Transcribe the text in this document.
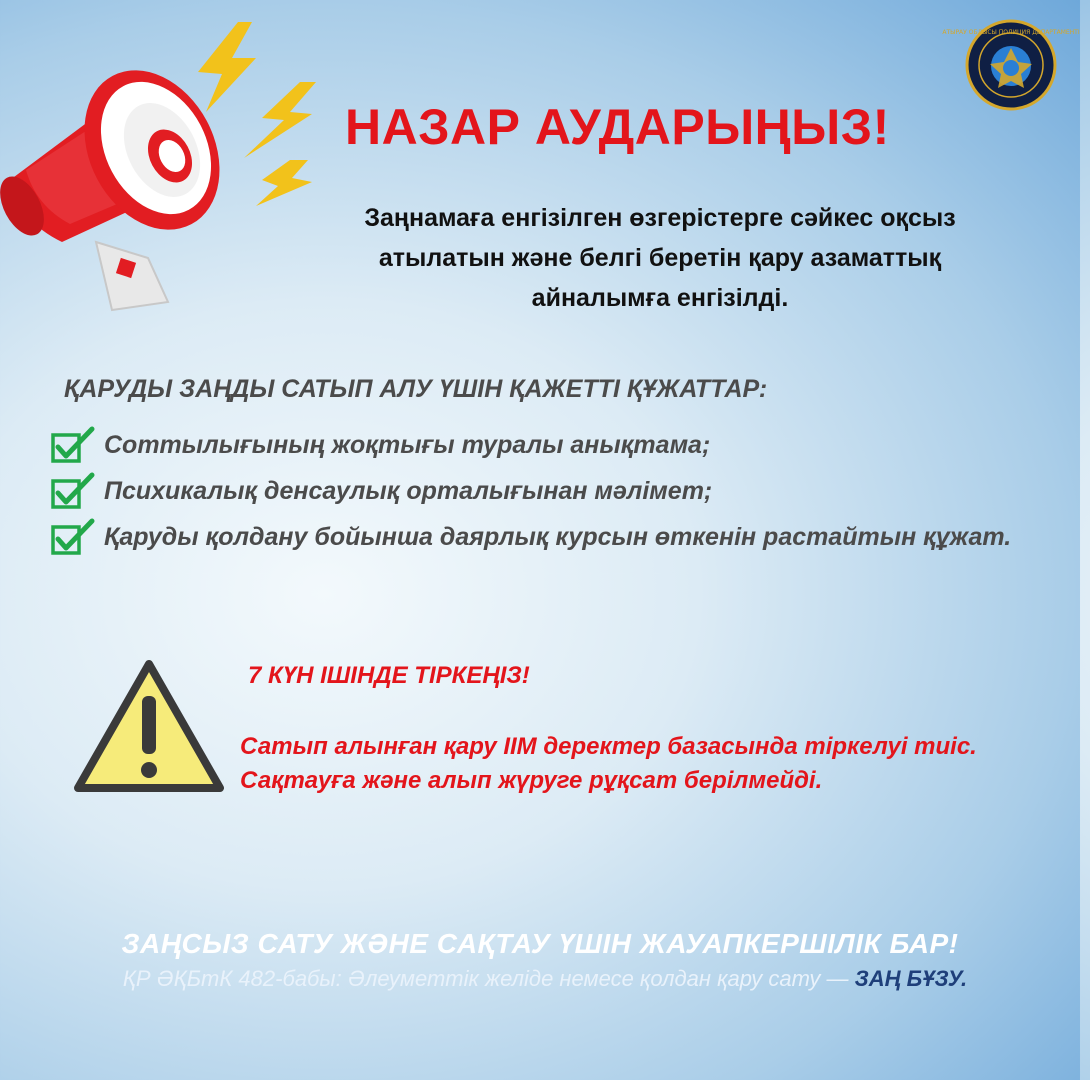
АТЫРАУ ОБЛЫСЫ ПОЛИЦИЯ ДЕПАРТАМЕНТІ
НАЗАР АУДАРЫҢЫЗ!
Заңнамаға енгізілген өзгерістерге сәйкес оқсыз
атылатын және белгі беретін қару азаматтық
айналымға енгізілді.
ҚАРУДЫ ЗАҢДЫ САТЫП АЛУ ҮШІН ҚАЖЕТТІ ҚҰЖАТТАР:
Соттылығының жоқтығы туралы анықтама;
Психикалық денсаулық орталығынан мәлімет;
Қаруды қолдану бойынша даярлық курсын өткенін растайтын құжат.
7 КҮН ІШІНДЕ ТІРКЕҢІЗ!
Сатып алынған қару ІІМ деректер базасында тіркелуі тиіс.
Сақтауға және алып жүруге рұқсат берілмейді.
ЗАҢСЫЗ САТУ ЖӘНЕ САҚТАУ ҮШІН ЖАУАПКЕРШІЛІК БАР!
ҚР ӘҚБтК 482-бабы: Әлеуметтік желіде немесе қолдан қару сату — ЗАҢ БҰЗУ.
